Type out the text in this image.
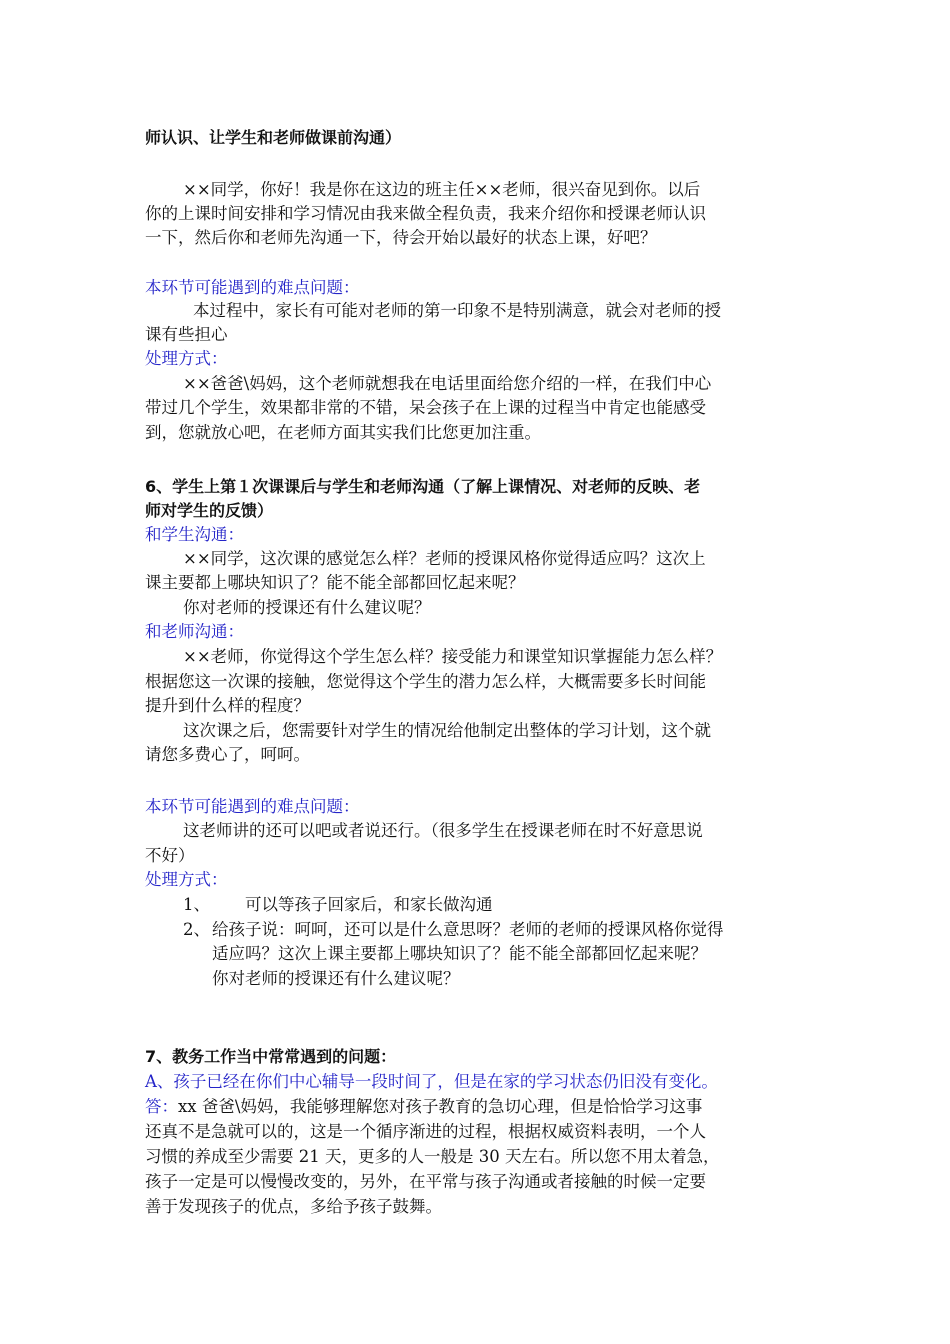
师认识、让学生和老师做课前沟通）
××同学，你好！我是你在这边的班主任××老师，很兴奋见到你。以后
你的上课时间安排和学习情况由我来做全程负责，我来介绍你和授课老师认识
一下，然后你和老师先沟通一下，待会开始以最好的状态上课，好吧？
本环节可能遇到的难点问题：
本过程中，家长有可能对老师的第一印象不是特别满意，就会对老师的授
课有些担心
处理方式：
××爸爸\妈妈，这个老师就想我在电话里面给您介绍的一样，在我们中心
带过几个学生，效果都非常的不错，呆会孩子在上课的过程当中肯定也能感受
到，您就放心吧，在老师方面其实我们比您更加注重。
6、学生上第１次课课后与学生和老师沟通（了解上课情况、对老师的反映、老
师对学生的反馈）
和学生沟通：
××同学，这次课的感觉怎么样？老师的授课风格你觉得适应吗？这次上
课主要都上哪块知识了？能不能全部都回忆起来呢？
你对老师的授课还有什么建议呢？
和老师沟通：
××老师，你觉得这个学生怎么样？接受能力和课堂知识掌握能力怎么样？
根据您这一次课的接触，您觉得这个学生的潜力怎么样，大概需要多长时间能
提升到什么样的程度？
这次课之后，您需要针对学生的情况给他制定出整体的学习计划，这个就
请您多费心了，呵呵。
本环节可能遇到的难点问题：
这老师讲的还可以吧或者说还行。（很多学生在授课老师在时不好意思说
不好）
处理方式：
1、 可以等孩子回家后，和家长做沟通
2、 给孩子说：呵呵，还可以是什么意思呀？老师的老师的授课风格你觉得
适应吗？这次上课主要都上哪块知识了？能不能全部都回忆起来呢？
你对老师的授课还有什么建议呢？
7、教务工作当中常常遇到的问题：
A、孩子已经在你们中心辅导一段时间了，但是在家的学习状态仍旧没有变化。
答：xx 爸爸\妈妈，我能够理解您对孩子教育的急切心理，但是恰恰学习这事
还真不是急就可以的，这是一个循序渐进的过程，根据权威资料表明，一个人
习惯的养成至少需要 21 天，更多的人一般是 30 天左右。所以您不用太着急，
孩子一定是可以慢慢改变的，另外，在平常与孩子沟通或者接触的时候一定要
善于发现孩子的优点，多给予孩子鼓舞。
